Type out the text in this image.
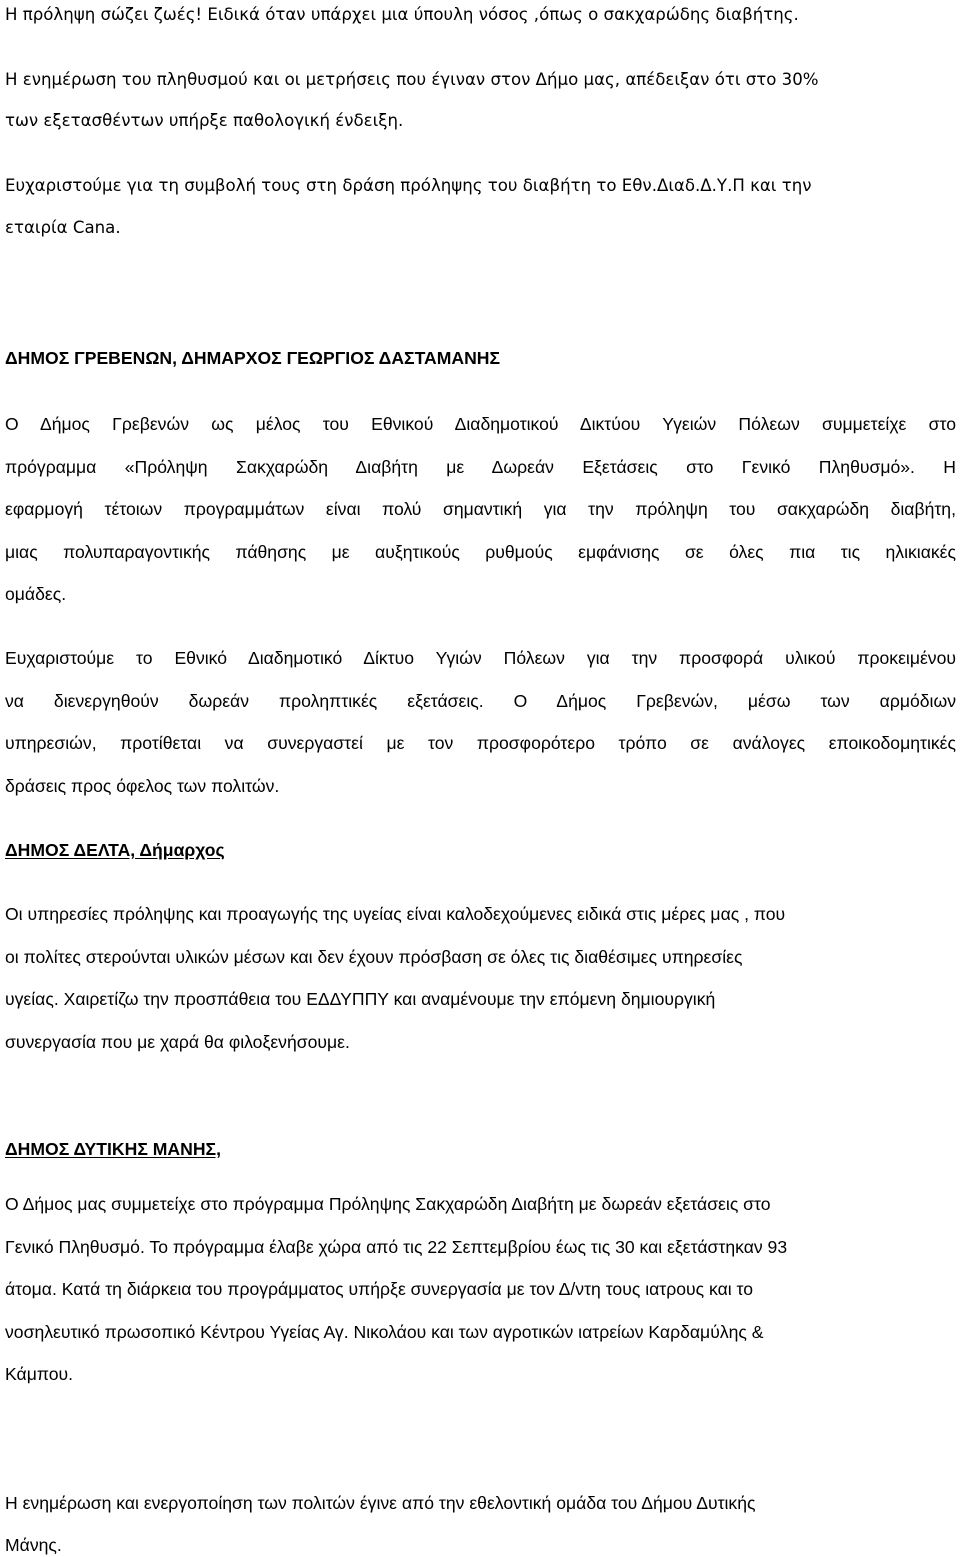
Η πρόληψη σώζει ζωές! Ειδικά όταν υπάρχει μια ύπουλη νόσος ,όπως ο σακχαρώδης διαβήτης.
Η ενημέρωση του πληθυσμού και οι μετρήσεις που έγιναν στον Δήμο μας, απέδειξαν ότι στο 30%
των εξετασθέντων υπήρξε παθολογική ένδειξη.
Ευχαριστούμε για τη συμβολή τους στη δράση πρόληψης του διαβήτη το Εθν.Διαδ.Δ.Υ.Π και την
εταιρία Cana.
ΔΗΜΟΣ ΓΡΕΒΕΝΩΝ, ΔΗΜΑΡΧΟΣ ΓΕΩΡΓΙΟΣ ΔΑΣΤΑΜΑΝΗΣ
Ο Δήμος Γρεβενών ως μέλος του Εθνικού Διαδημοτικού Δικτύου Υγειών Πόλεων συμμετείχε στο
πρόγραμμα «Πρόληψη Σακχαρώδη Διαβήτη με Δωρεάν Εξετάσεις στο Γενικό Πληθυσμό». Η
εφαρμογή τέτοιων προγραμμάτων είναι πολύ σημαντική για την πρόληψη του σακχαρώδη διαβήτη,
μιας πολυπαραγοντικής πάθησης με αυξητικούς ρυθμούς εμφάνισης σε όλες πια τις ηλικιακές
ομάδες.
Ευχαριστούμε το Εθνικό Διαδημοτικό Δίκτυο Υγιών Πόλεων για την προσφορά υλικού προκειμένου
να διενεργηθούν δωρεάν προληπτικές εξετάσεις. Ο Δήμος Γρεβενών, μέσω των αρμόδιων
υπηρεσιών, προτίθεται να συνεργαστεί με τον προσφορότερο τρόπο σε ανάλογες εποικοδομητικές
δράσεις προς όφελος των πολιτών.
ΔΗΜΟΣ ΔΕΛΤΑ, Δήμαρχος
Οι υπηρεσίες πρόληψης και προαγωγής της υγείας είναι καλοδεχούμενες ειδικά στις μέρες μας , που
οι πολίτες στερούνται υλικών μέσων και δεν έχουν πρόσβαση σε όλες τις διαθέσιμες υπηρεσίες
υγείας. Χαιρετίζω την προσπάθεια του ΕΔΔΥΠΠΥ και αναμένουμε την επόμενη δημιουργική
συνεργασία που με χαρά θα φιλοξενήσουμε.
ΔΗΜΟΣ ΔΥΤΙΚΗΣ ΜΑΝΗΣ,
Ο Δήμος μας συμμετείχε στο πρόγραμμα Πρόληψης Σακχαρώδη Διαβήτη με δωρεάν εξετάσεις στο
Γενικό Πληθυσμό. Το πρόγραμμα έλαβε χώρα από τις 22 Σεπτεμβρίου έως τις 30 και εξετάστηκαν 93
άτομα. Κατά τη διάρκεια του προγράμματος υπήρξε συνεργασία με τον Δ/ντη τους ιατρους και το
νοσηλευτικό πρωσοπικό Κέντρου Υγείας Αγ. Νικολάου και των αγροτικών ιατρείων Καρδαμύλης &
Κάμπου.
Η ενημέρωση και ενεργοποίηση των πολιτών έγινε από την εθελοντική ομάδα του Δήμου Δυτικής
Μάνης.
